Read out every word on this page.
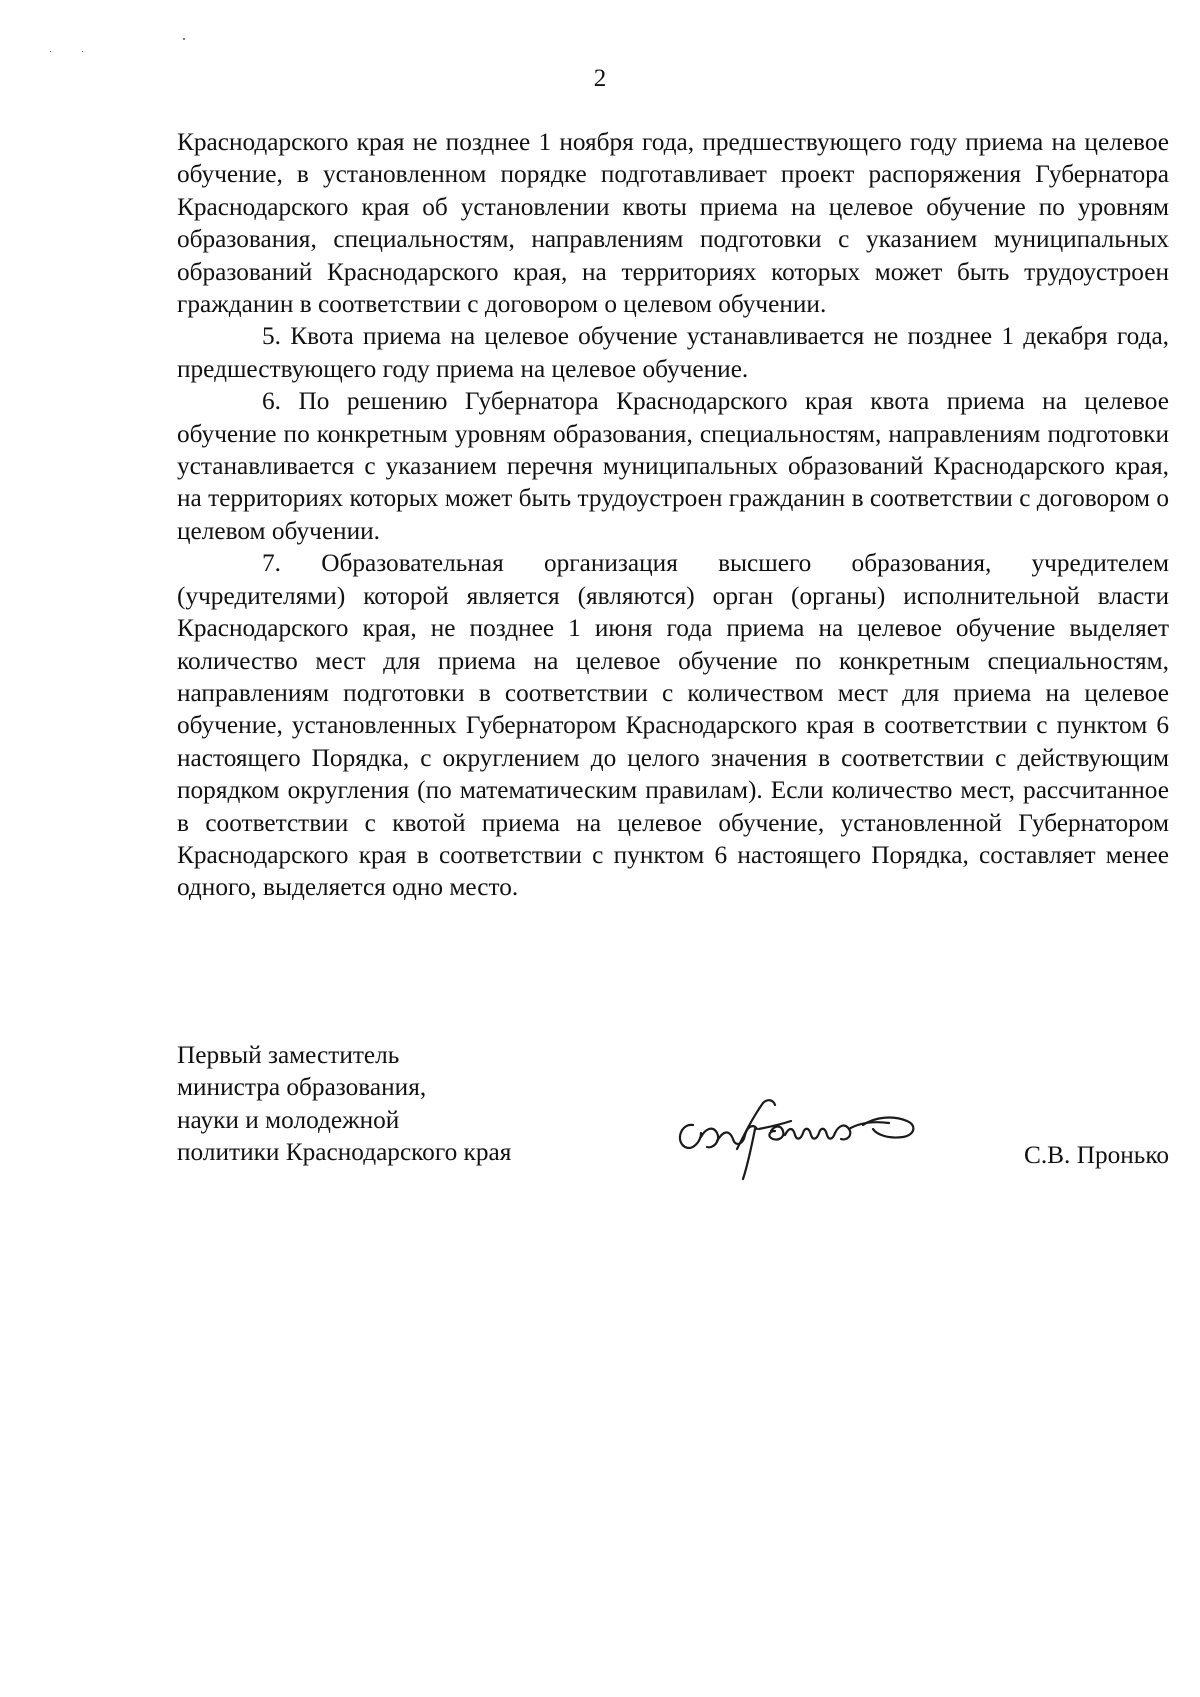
2

Краснодарского края не позднее 1 ноября года, предшествующего году приема на целевое обучение, в установленном порядке подготавливает проект распоряжения Губернатора Краснодарского края об установлении квоты приема на целевое обучение по уровням образования, специальностям, направлениям подготовки с указанием муниципальных образований Краснодарского края, на территориях которых может быть трудоустроен гражданин в соответствии с договором о целевом обучении.

5. Квота приема на целевое обучение устанавливается не позднее 1 декабря года, предшествующего году приема на целевое обучение.

6. По решению Губернатора Краснодарского края квота приема на целевое обучение по конкретным уровням образования, специальностям, направлениям подготовки устанавливается с указанием перечня муниципальных образований Краснодарского края, на территориях которых может быть трудоустроен гражданин в соответствии с договором о целевом обучении.

7. Образовательная организация высшего образования, учредителем (учредителями) которой является (являются) орган (органы) исполнительной власти Краснодарского края, не позднее 1 июня года приема на целевое обучение выделяет количество мест для приема на целевое обучение по конкретным специальностям, направлениям подготовки в соответствии с количеством мест для приема на целевое обучение, установленных Губернатором Краснодарского края в соответствии с пунктом 6 настоящего Порядка, с округлением до целого значения в соответствии с действующим порядком округления (по математическим правилам). Если количество мест, рассчитанное в соответствии с квотой приема на целевое обучение, установленной Губернатором Краснодарского края в соответствии с пунктом 6 настоящего Порядка, составляет менее одного, выделяется одно место.

Первый заместитель
министра образования,
науки и молодежной
политики Краснодарского края	С.В. Пронько
